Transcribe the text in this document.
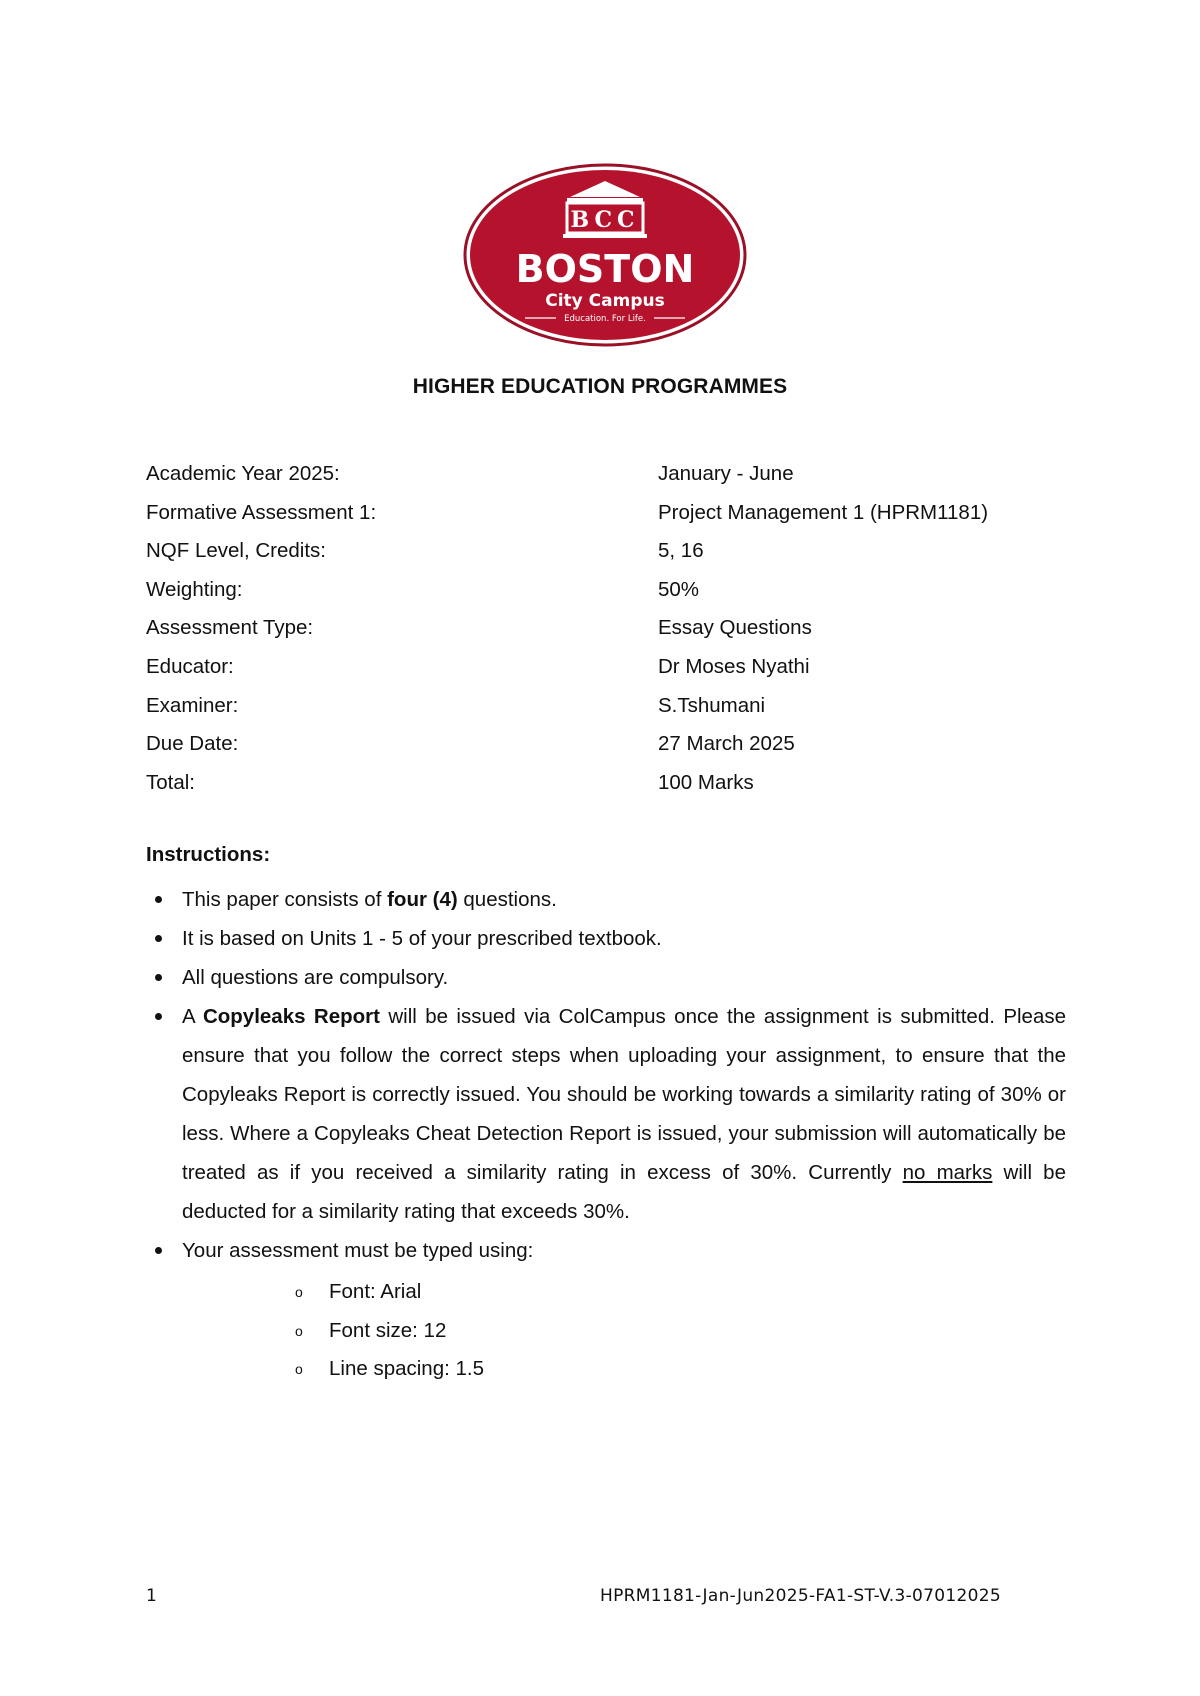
BCC
BOSTON
City Campus
Education. For Life.
HIGHER EDUCATION PROGRAMMES
Academic Year 2025:	January - June
Formative Assessment 1:	Project Management 1 (HPRM1181)
NQF Level, Credits:	5, 16
Weighting:	50%
Assessment Type:	Essay Questions
Educator:	Dr Moses Nyathi
Examiner:	S.Tshumani
Due Date:	27 March 2025
Total:	100 Marks
Instructions:
This paper consists of four (4) questions.
It is based on Units 1 - 5 of your prescribed textbook.
All questions are compulsory.
A Copyleaks Report will be issued via ColCampus once the assignment is submitted. Please ensure that you follow the correct steps when uploading your assignment, to ensure that the Copyleaks Report is correctly issued. You should be working towards a similarity rating of 30% or less. Where a Copyleaks Cheat Detection Report is issued, your submission will automatically be treated as if you received a similarity rating in excess of 30%. Currently no marks will be deducted for a similarity rating that exceeds 30%.
Your assessment must be typed using:
o Font: Arial
o Font size: 12
o Line spacing: 1.5
1	HPRM1181-Jan-Jun2025-FA1-ST-V.3-07012025
